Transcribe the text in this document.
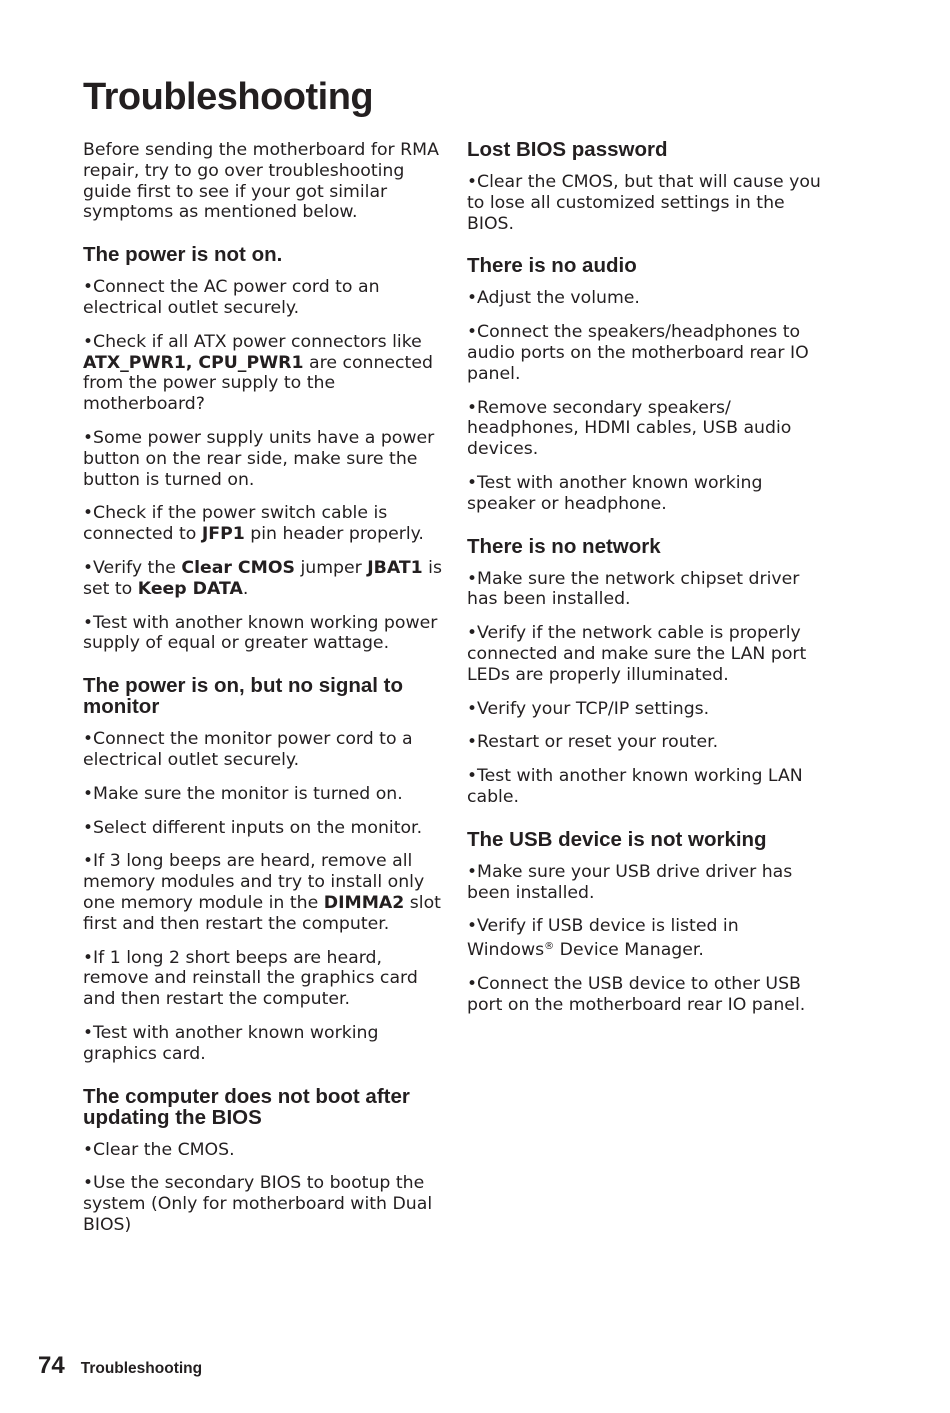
Troubleshooting

Before sending the motherboard for RMA repair, try to go over troubleshooting guide first to see if your got similar symptoms as mentioned below.

The power is not on.

•Connect the AC power cord to an electrical outlet securely.

•Check if all ATX power connectors like ATX_PWR1, CPU_PWR1 are connected from the power supply to the motherboard?

•Some power supply units have a power button on the rear side, make sure the button is turned on.

•Check if the power switch cable is connected to JFP1 pin header properly.

•Verify the Clear CMOS jumper JBAT1 is set to Keep DATA.

•Test with another known working power supply of equal or greater wattage.

The power is on, but no signal to monitor

•Connect the monitor power cord to a electrical outlet securely.

•Make sure the monitor is turned on.

•Select different inputs on the monitor.

•If 3 long beeps are heard, remove all memory modules and try to install only one memory module in the DIMMA2 slot first and then restart the computer.

•If 1 long 2 short beeps are heard, remove and reinstall the graphics card and then restart the computer.

•Test with another known working graphics card.

The computer does not boot after updating the BIOS

•Clear the CMOS.

•Use the secondary BIOS to bootup the system (Only for motherboard with Dual BIOS)

Lost BIOS password

•Clear the CMOS, but that will cause you to lose all customized settings in the BIOS.

There is no audio

•Adjust the volume.

•Connect the speakers/headphones to audio ports on the motherboard rear IO panel.

•Remove secondary speakers/ headphones, HDMI cables, USB audio devices.

•Test with another known working speaker or headphone.

There is no network

•Make sure the network chipset driver has been installed.

•Verify if the network cable is properly connected and make sure the LAN port LEDs are properly illuminated.

•Verify your TCP/IP settings.

•Restart or reset your router.

•Test with another known working LAN cable.

The USB device is not working

•Make sure your USB drive driver has been installed.

•Verify if USB device is listed in Windows® Device Manager.

•Connect the USB device to other USB port on the motherboard rear IO panel.

74 Troubleshooting
